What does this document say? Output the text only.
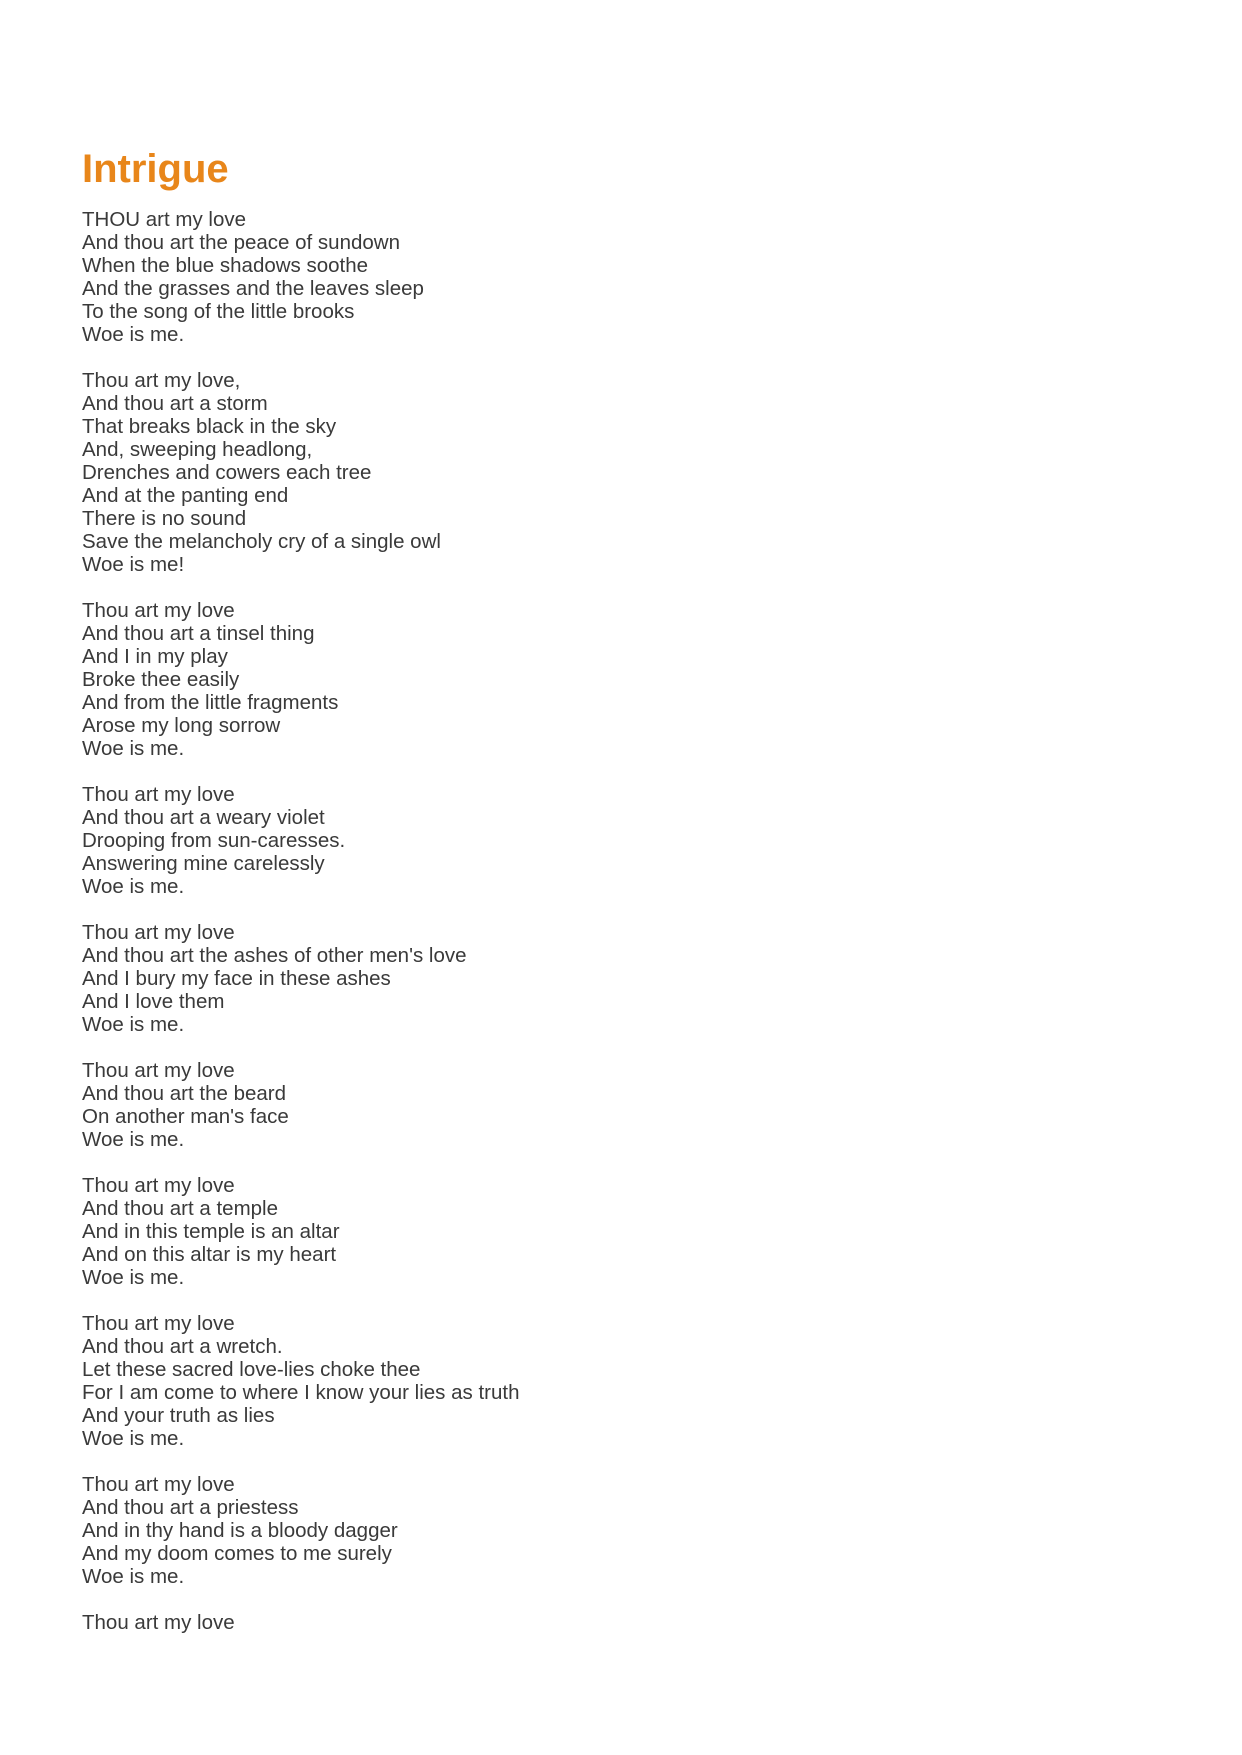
Intrigue
THOU art my love
And thou art the peace of sundown
When the blue shadows soothe
And the grasses and the leaves sleep
To the song of the little brooks
Woe is me.
Thou art my love,
And thou art a storm
That breaks black in the sky
And, sweeping headlong,
Drenches and cowers each tree
And at the panting end
There is no sound
Save the melancholy cry of a single owl
Woe is me!
Thou art my love
And thou art a tinsel thing
And I in my play
Broke thee easily
And from the little fragments
Arose my long sorrow
Woe is me.
Thou art my love
And thou art a weary violet
Drooping from sun-caresses.
Answering mine carelessly
Woe is me.
Thou art my love
And thou art the ashes of other men's love
And I bury my face in these ashes
And I love them
Woe is me.
Thou art my love
And thou art the beard
On another man's face
Woe is me.
Thou art my love
And thou art a temple
And in this temple is an altar
And on this altar is my heart
Woe is me.
Thou art my love
And thou art a wretch.
Let these sacred love-lies choke thee
For I am come to where I know your lies as truth
And your truth as lies
Woe is me.
Thou art my love
And thou art a priestess
And in thy hand is a bloody dagger
And my doom comes to me surely
Woe is me.
Thou art my love
